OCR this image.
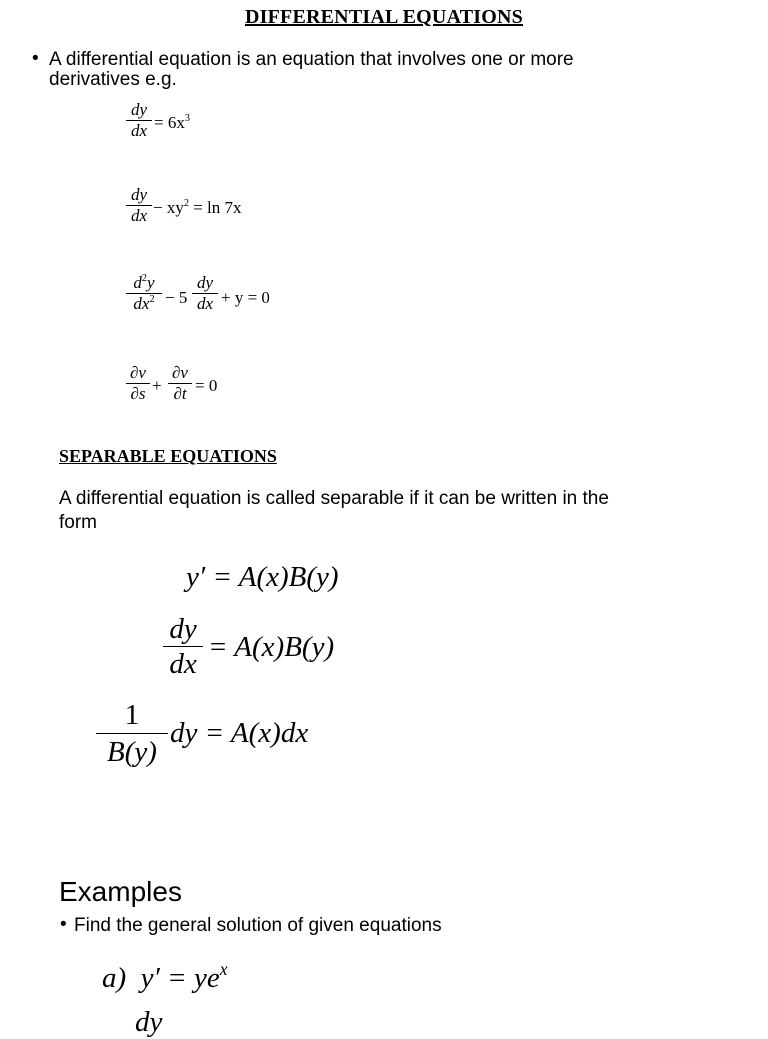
DIFFERENTIAL EQUATIONS
• A differential equation is an equation that involves one or more
derivatives e.g.
dy
dx = $6x^3$
dy
dx − $xy^2 = \ln 7x$
$d^2y$
$dx^2 - 5$
dy
dx + y = 0
∂v
∂s +
∂v
∂t = 0
SEPARABLE EQUATIONS
A differential equation is called separable if it can be written in the
form
y′ = A(x)B(y)
dy
dx
= A(x)B(y)
1
B(y)
dy = A(x)dx
Examples
• Find the general solution of given equations
a) $y' = ye^x$
dy
